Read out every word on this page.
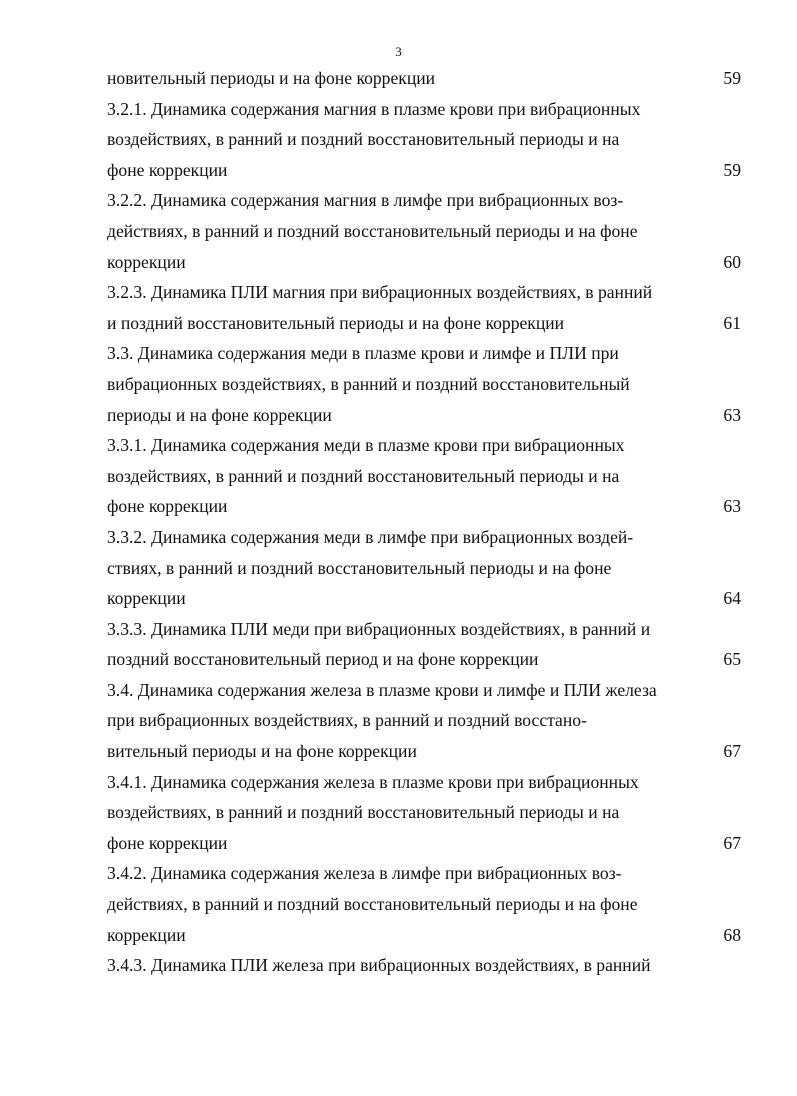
3
новительный периоды и на фоне коррекции	59
3.2.1. Динамика содержания магния в плазме крови при вибрационных
воздействиях, в ранний и поздний восстановительный периоды и на
фоне коррекции	59
3.2.2. Динамика содержания магния в лимфе при вибрационных воз-
действиях, в ранний и поздний восстановительный периоды и на фоне
коррекции	60
3.2.3. Динамика ПЛИ магния при вибрационных воздействиях, в ранний
и поздний восстановительный периоды и на фоне коррекции	61
3.3. Динамика содержания меди в плазме крови и лимфе и ПЛИ при
вибрационных воздействиях, в ранний и поздний восстановительный
периоды и на фоне коррекции	63
3.3.1. Динамика содержания меди в плазме крови при вибрационных
воздействиях, в ранний и поздний восстановительный периоды и на
фоне коррекции	63
3.3.2. Динамика содержания меди в лимфе при вибрационных воздей-
ствиях, в ранний и поздний восстановительный периоды и на фоне
коррекции	64
3.3.3. Динамика ПЛИ меди при вибрационных воздействиях, в ранний и
поздний восстановительный период и на фоне коррекции	65
3.4. Динамика содержания железа в плазме крови и лимфе и ПЛИ железа
при вибрационных воздействиях, в ранний и поздний восстано-
вительный периоды и на фоне коррекции	67
3.4.1. Динамика содержания железа в плазме крови при вибрационных
воздействиях, в ранний и поздний восстановительный периоды и на
фоне коррекции	67
3.4.2. Динамика содержания железа в лимфе при вибрационных воз-
действиях, в ранний и поздний восстановительный периоды и на фоне
коррекции	68
3.4.3. Динамика ПЛИ железа при вибрационных воздействиях, в ранний
